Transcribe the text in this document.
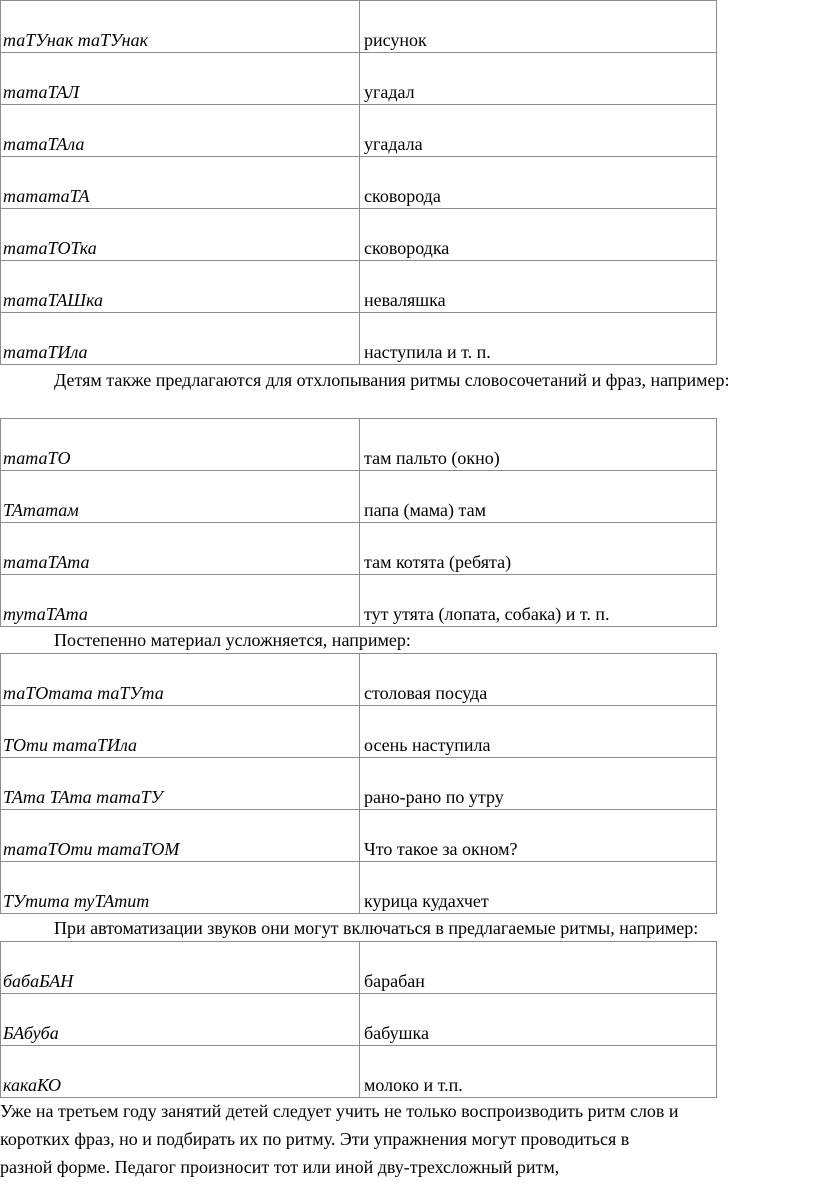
таТУнак таТУнак	рисунок

татаТАЛ	угадал

татаТАла	угадала

тататаТА	сковорода

татаТОТка	сковородка

татаТАШка	неваляшка

татаТИла	наступила и т. п.
Детям также предлагаются для отхлопывания ритмы словосочетаний и фраз, например:
татаТО	там пальто (окно)

ТАтатам	папа (мама) там

татаТАта	там котята (ребята)

тутаТАта	тут утята (лопата, собака) и т. п.
Постепенно материал усложняется, например:
таТОтата таТУта	столовая посуда

ТОти татаТИла	осень наступила

ТАта ТАта татаТУ	рано-рано по утру

татаТОти татаТОМ	Что такое за окном?

ТУтита туТАтит	курица кудахчет
При автоматизации звуков они могут включаться в предлагаемые ритмы, например:
бабаБАН	барабан

БАбуба	бабушка

какаКО	молоко и т.п.
Уже на третьем году занятий детей следует учить не только воспроизводить ритм слов и
коротких фраз, но и подбирать их по ритму. Эти упражнения могут проводиться в
разной форме. Педагог произносит тот или иной дву-трехсложный ритм,
